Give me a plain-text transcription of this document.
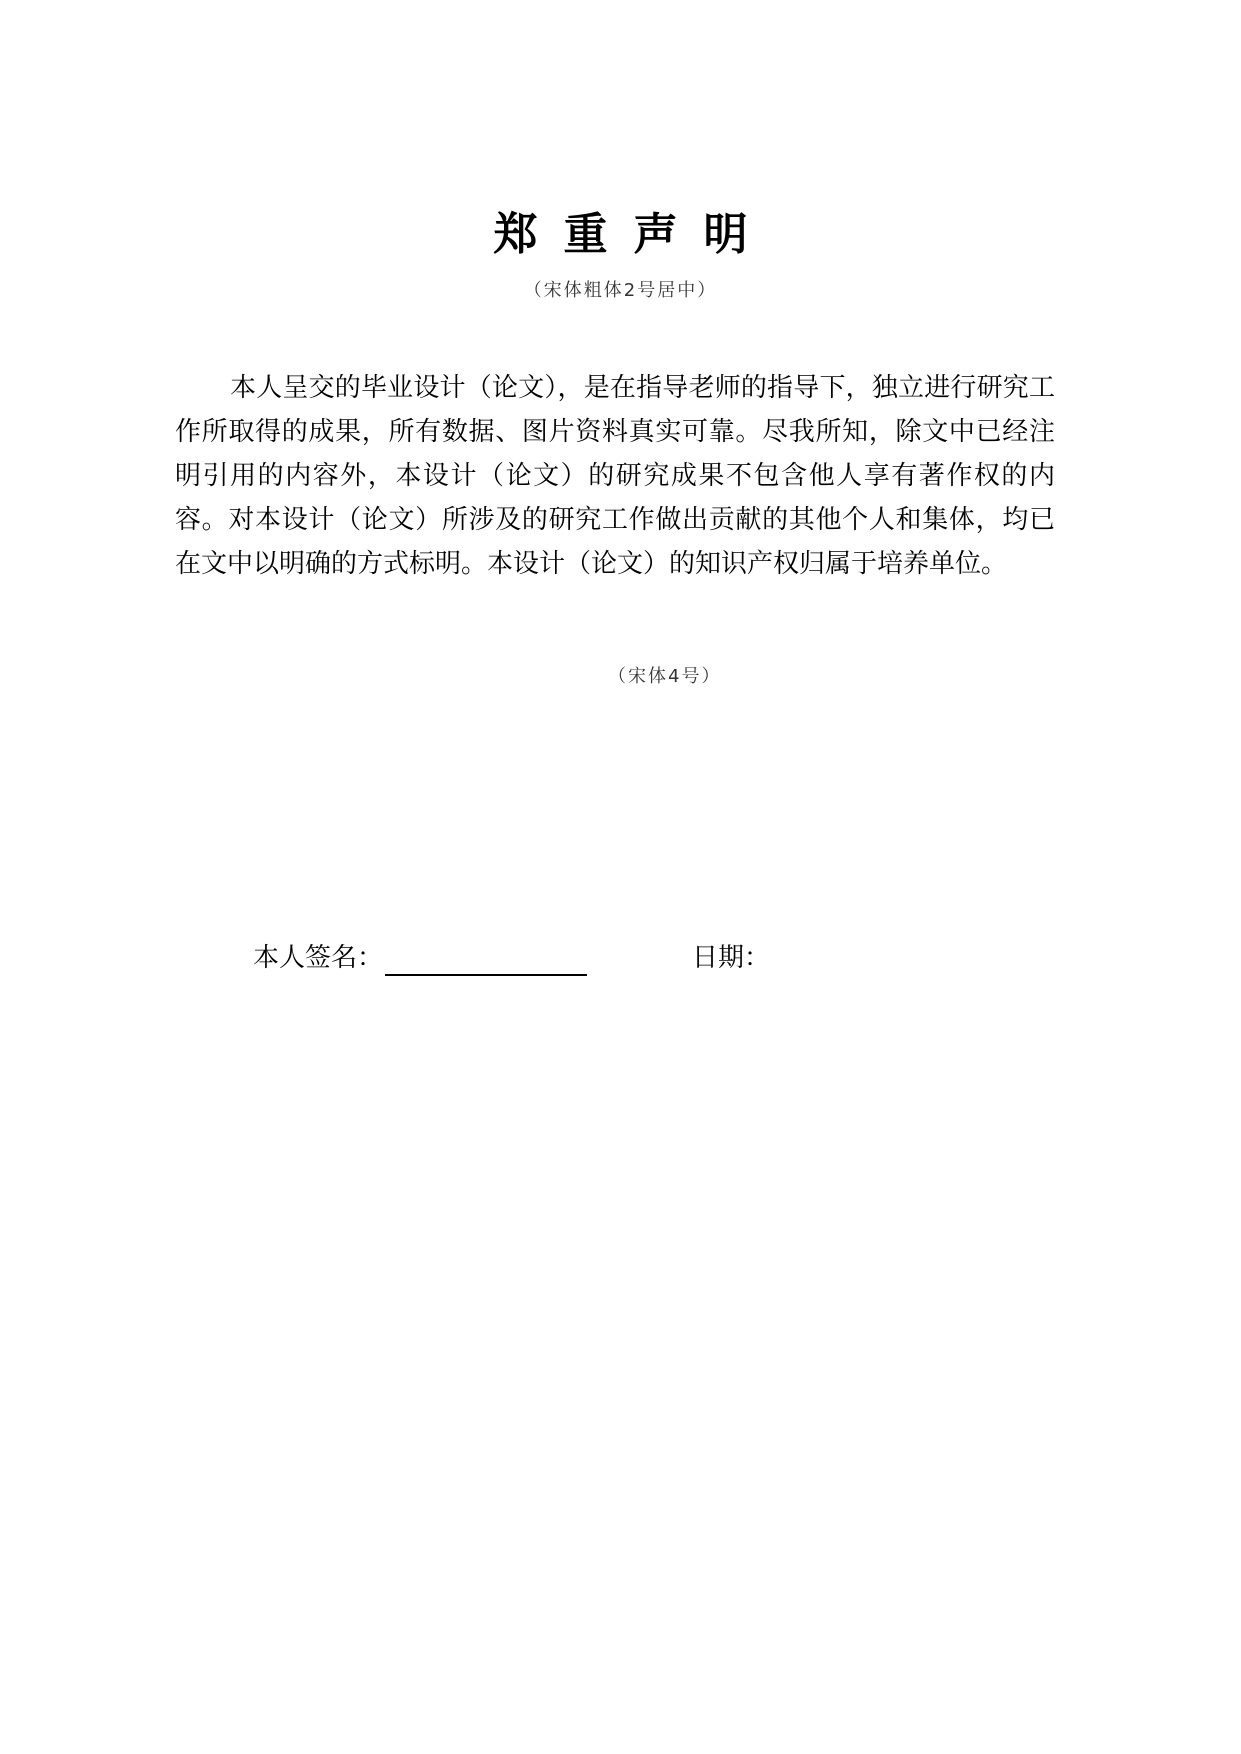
郑重声明
（宋体粗体2号居中）

本人呈交的毕业设计（论文），是在指导老师的指导下，独立进行研究工作所取得的成果，所有数据、图片资料真实可靠。尽我所知，除文中已经注明引用的内容外，本设计（论文）的研究成果不包含他人享有著作权的内容。对本设计（论文）所涉及的研究工作做出贡献的其他个人和集体，均已在文中以明确的方式标明。本设计（论文）的知识产权归属于培养单位。

（宋体4号）
本人签名：	日期：
